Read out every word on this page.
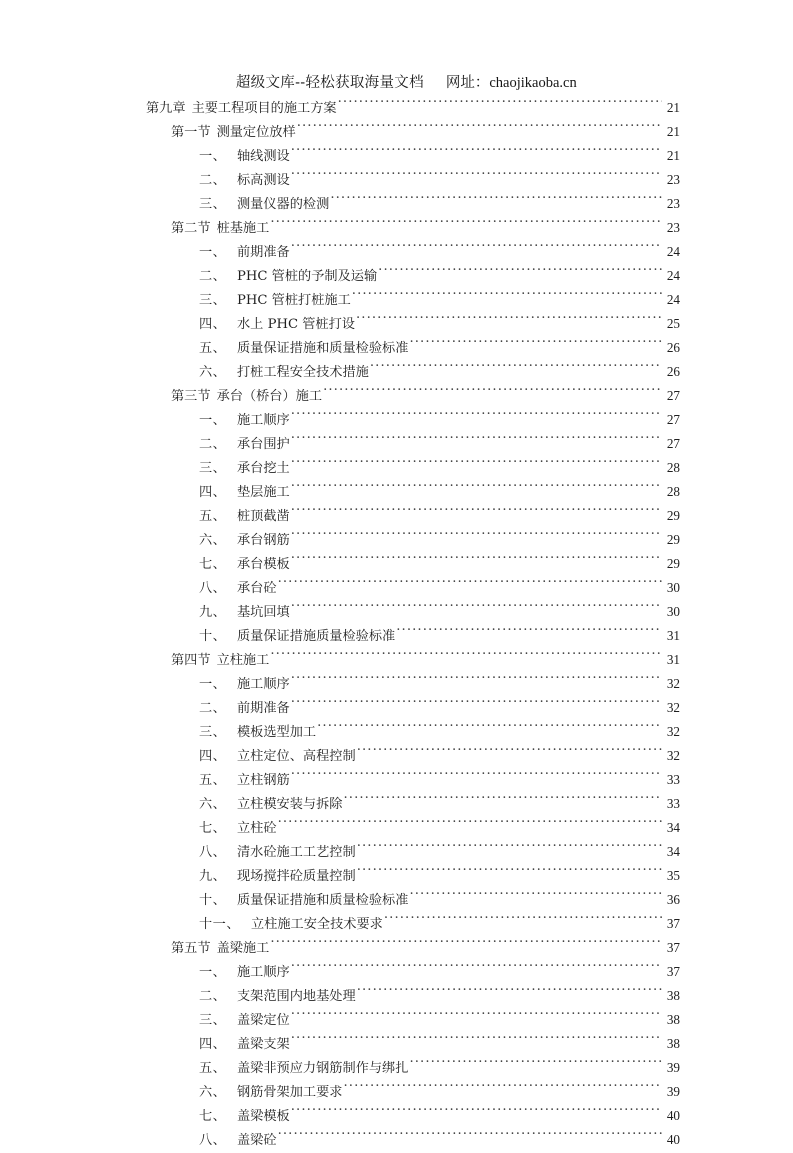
超级文库--轻松获取海量文档 网址：chaojikaoba.cn

第九章 主要工程项目的施工方案 .....	21
第一节 测量定位放样 .....	21
一、 轴线测设 .....	21
二、 标高测设 .....	23
三、 测量仪器的检测 .....	23
第二节 桩基施工 .....	23
一、 前期准备 .....	24
二、 PHC 管桩的予制及运输 .....	24
三、 PHC 管桩打桩施工 .....	24
四、 水上 PHC 管桩打设 .....	25
五、 质量保证措施和质量检验标准 .....	26
六、 打桩工程安全技术措施 .....	26
第三节 承台（桥台）施工 .....	27
一、 施工顺序 .....	27
二、 承台围护 .....	27
三、 承台挖土 .....	28
四、 垫层施工 .....	28
五、 桩顶截凿 .....	29
六、 承台钢筋 .....	29
七、 承台模板 .....	29
八、 承台砼 .....	30
九、 基坑回填 .....	30
十、 质量保证措施质量检验标准 .....	31
第四节 立柱施工 .....	31
一、 施工顺序 .....	32
二、 前期准备 .....	32
三、 模板选型加工 .....	32
四、 立柱定位、高程控制 .....	32
五、 立柱钢筋 .....	33
六、 立柱模安装与拆除 .....	33
七、 立柱砼 .....	34
八、 清水砼施工工艺控制 .....	34
九、 现场搅拌砼质量控制 .....	35
十、 质量保证措施和质量检验标准 .....	36
十一、 立柱施工安全技术要求 .....	37
第五节 盖梁施工 .....	37
一、 施工顺序 .....	37
二、 支架范围内地基处理 .....	38
三、 盖梁定位 .....	38
四、 盖梁支架 .....	38
五、 盖梁非预应力钢筋制作与绑扎 .....	39
六、 钢筋骨架加工要求 .....	39
七、 盖梁模板 .....	40
八、 盖梁砼 .....	40
